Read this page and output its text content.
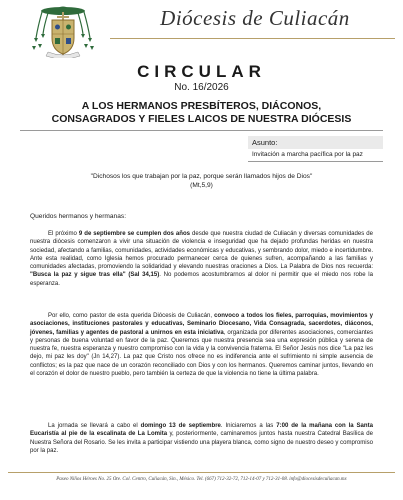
Diócesis de Culiacán
CIRCULAR
No. 16/2026
A LOS HERMANOS PRESBÍTEROS, DIÁCONOS,
CONSAGRADOS Y FIELES LAICOS DE NUESTRA DIÓCESIS
Asunto:
Invitación a marcha pacífica por la paz
"Dichosos los que trabajan por la paz, porque serán llamados hijos de Dios"
(Mt,5,9)
Queridos hermanos y hermanas:

El próximo 9 de septiembre se cumplen dos años desde que nuestra ciudad de Culiacán y diversas comunidades de nuestra diócesis comenzaron a vivir una situación de violencia e inseguridad que ha dejado profundas heridas en nuestra sociedad, afectando a familias, comunidades, actividades económicas y educativas, y sembrando dolor, miedo e incertidumbre. Ante esta realidad, como Iglesia hemos procurado permanecer cerca de quienes sufren, acompañando a las familias y comunidades afectadas, promoviendo la solidaridad y elevando nuestras oraciones a Dios. La Palabra de Dios nos recuerda: "Busca la paz y sigue tras ella" (Sal 34,15). No podemos acostumbrarnos al dolor ni permitir que el miedo nos robe la esperanza.

Por ello, como pastor de esta querida Diócesis de Culiacán, convoco a todos los fieles, parroquias, movimientos y asociaciones, instituciones pastorales y educativas, Seminario Diocesano, Vida Consagrada, sacerdotes, diáconos, jóvenes, familias y agentes de pastoral a unirnos en esta iniciativa, organizada por diferentes asociaciones, comerciantes y personas de buena voluntad en favor de la paz. Queremos que nuestra presencia sea una expresión pública y serena de nuestra fe, nuestra esperanza y nuestro compromiso con la vida y la convivencia fraterna. El Señor Jesús nos dice "La paz les dejo, mi paz les doy" (Jn 14,27). La paz que Cristo nos ofrece no es indiferencia ante el sufrimiento ni simple ausencia de conflictos; es la paz que nace de un corazón reconciliado con Dios y con los hermanos. Queremos caminar juntos, llevando en el corazón el dolor de nuestro pueblo, pero también la certeza de que la violencia no tiene la última palabra.

La jornada se llevará a cabo el domingo 13 de septiembre. Iniciaremos a las 7:00 de la mañana con la Santa Eucaristía al pie de la escalinata de La Lomita y, posteriormente, caminaremos juntos hasta nuestra Catedral Basílica de Nuestra Señora del Rosario. Se les invita a participar vistiendo una playera blanca, como signo de nuestro deseo y compromiso por la paz.

Paseo Niños Héroes No. 25 Ote. Col. Centro, Culiacán, Sin., México. Tel. (667) 712-32-72, 712-14-07 y 712-31-08. info@diocesisdeculiacan.mx
